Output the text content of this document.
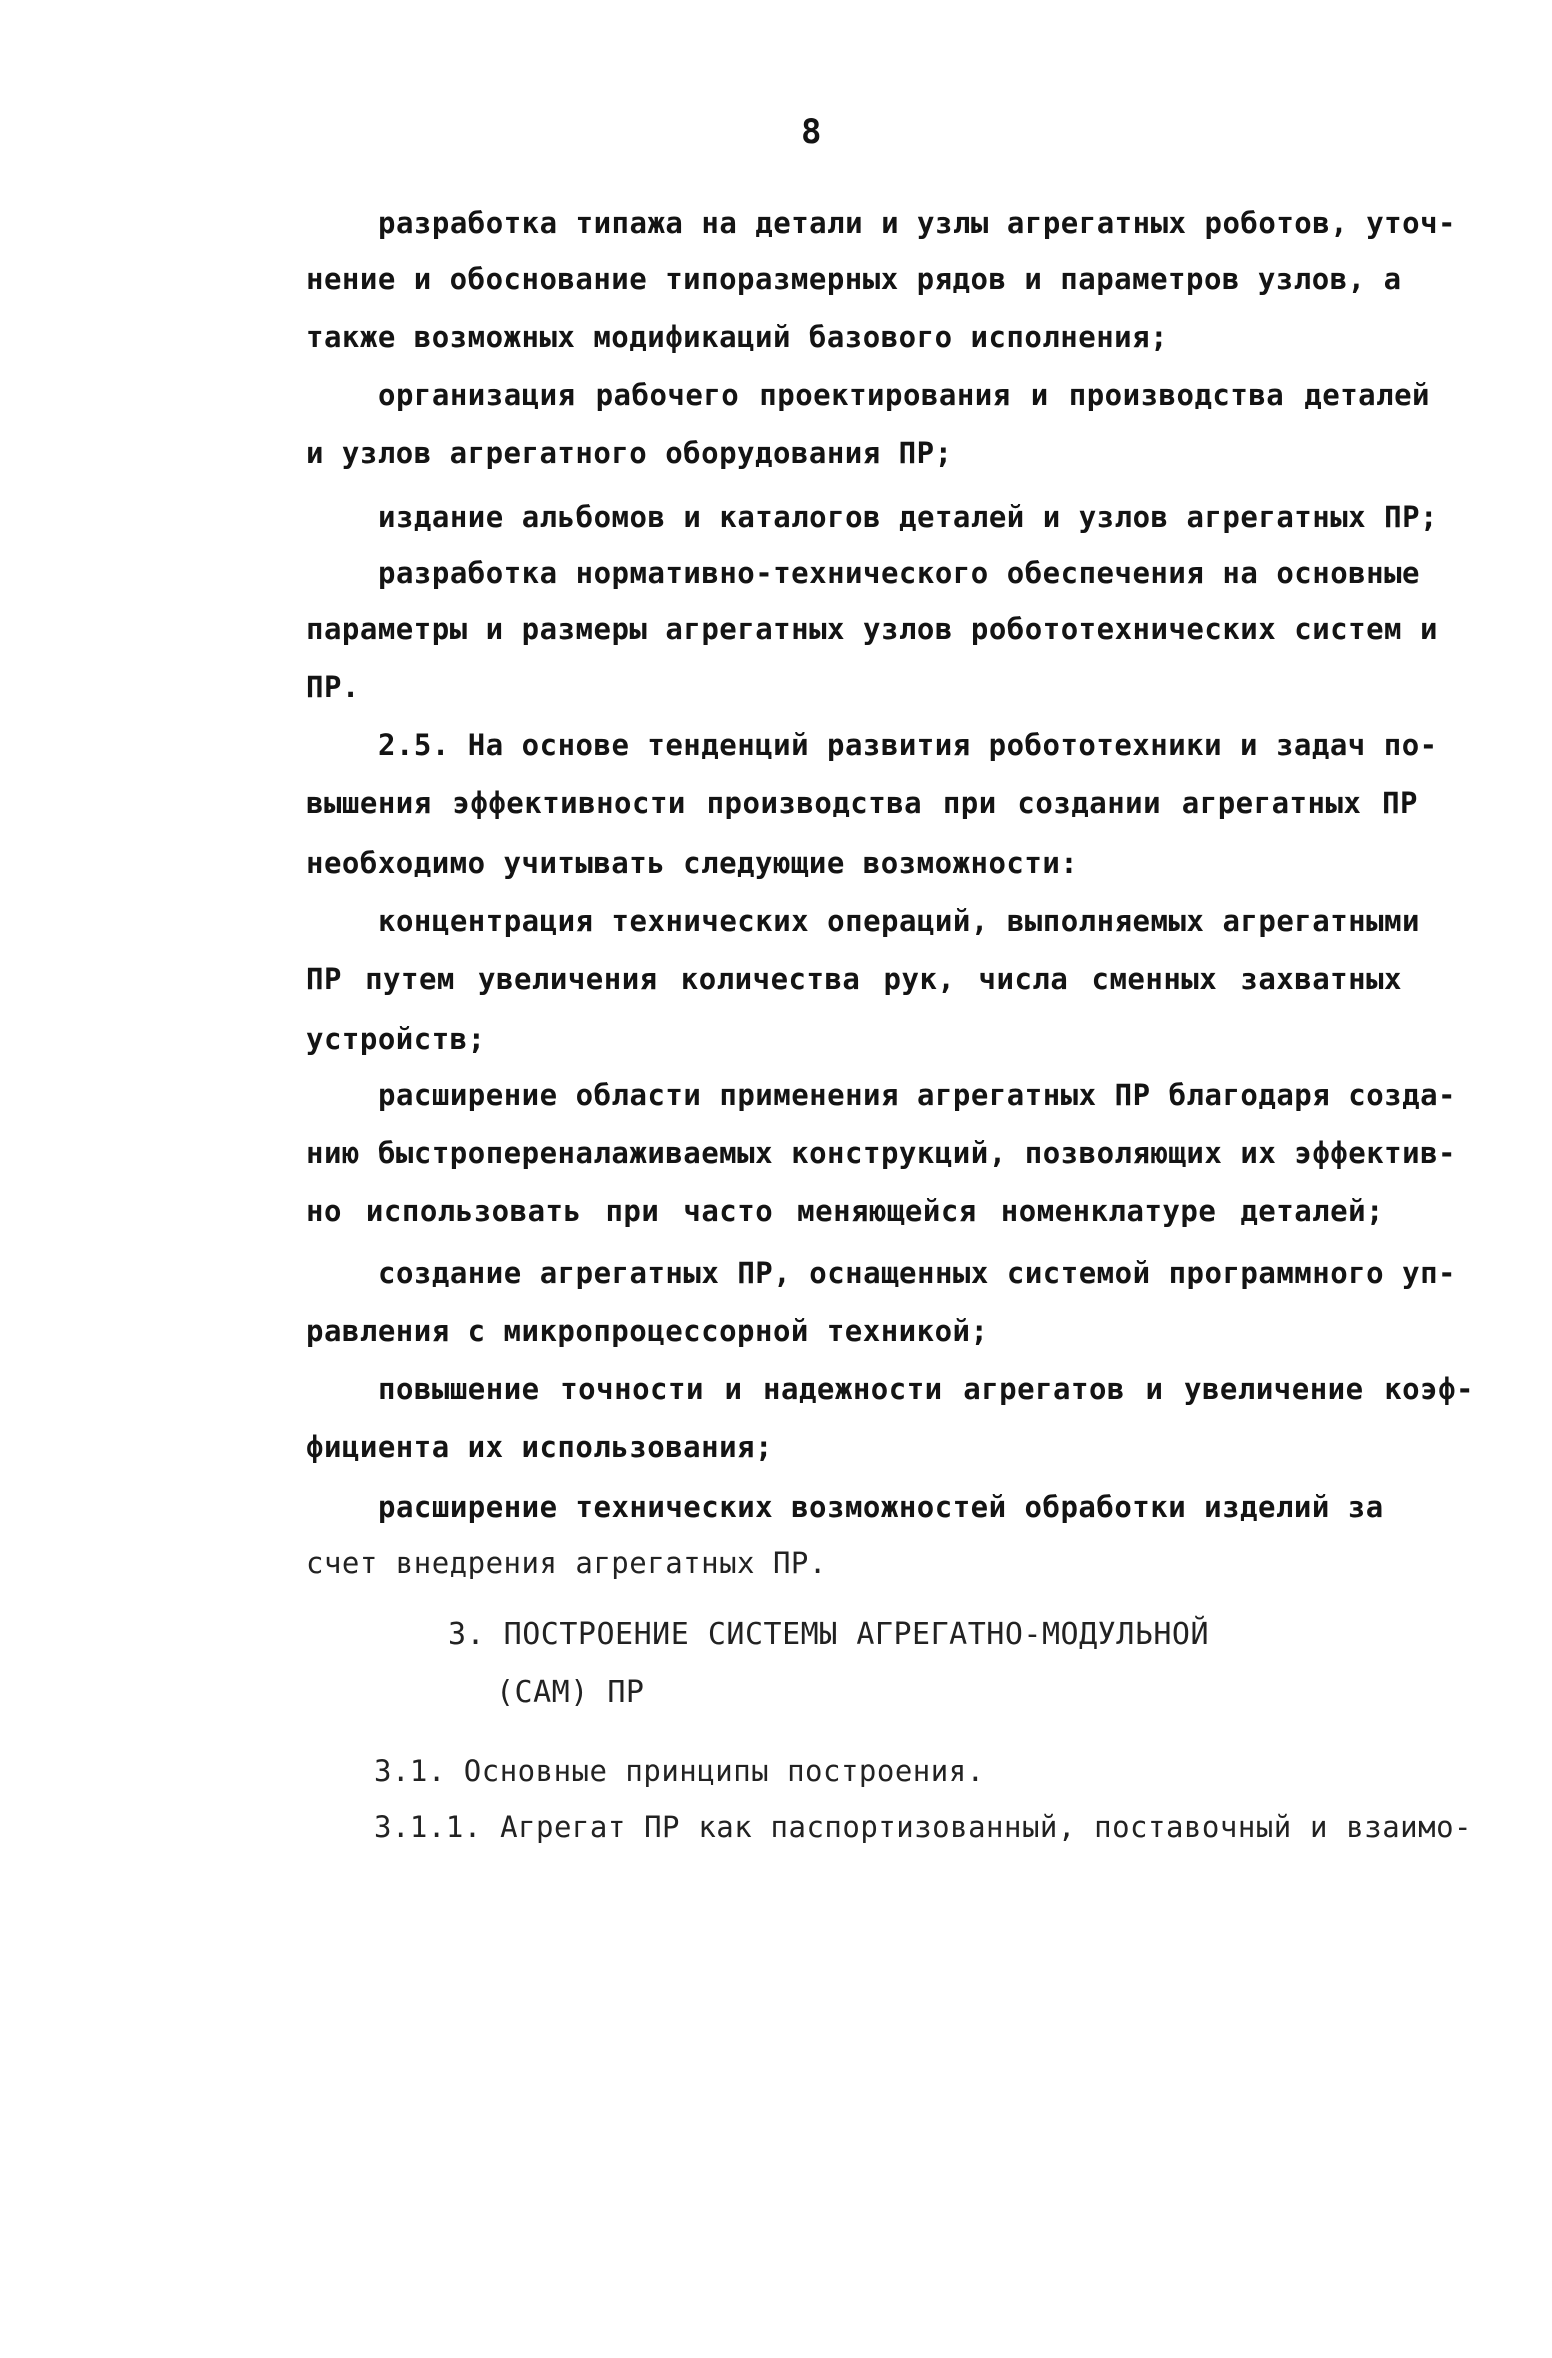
8
разработка типажа на детали и узлы агрегатных роботов, уточ-
нение и обоснование типоразмерных рядов и параметров узлов, а
также возможных модификаций базового исполнения;
организация рабочего проектирования и производства деталей
и узлов агрегатного оборудования ПР;
издание альбомов и каталогов деталей и узлов агрегатных ПР;
разработка нормативно-технического обеспечения на основные
параметры и размеры агрегатных узлов робототехнических систем и
ПР.
2.5. На основе тенденций развития робототехники и задач по-
вышения эффективности производства при создании агрегатных ПР
необходимо учитывать следующие возможности:
концентрация технических операций, выполняемых агрегатными
ПР путем увеличения количества рук, числа сменных захватных
устройств;
расширение области применения агрегатных ПР благодаря созда-
нию быстропереналаживаемых конструкций, позволяющих их эффектив-
но использовать при часто меняющейся номенклатуре деталей;
создание агрегатных ПР, оснащенных системой программного уп-
равления с микропроцессорной техникой;
повышение точности и надежности агрегатов и увеличение коэф-
фициента их использования;
расширение технических возможностей обработки изделий за
счет внедрения агрегатных ПР.
3. ПОСТРОЕНИЕ СИСТЕМЫ АГРЕГАТНО-МОДУЛЬНОЙ
(САМ) ПР
3.1. Основные принципы построения.
3.1.1. Агрегат ПР как паспортизованный, поставочный и взаимо-
